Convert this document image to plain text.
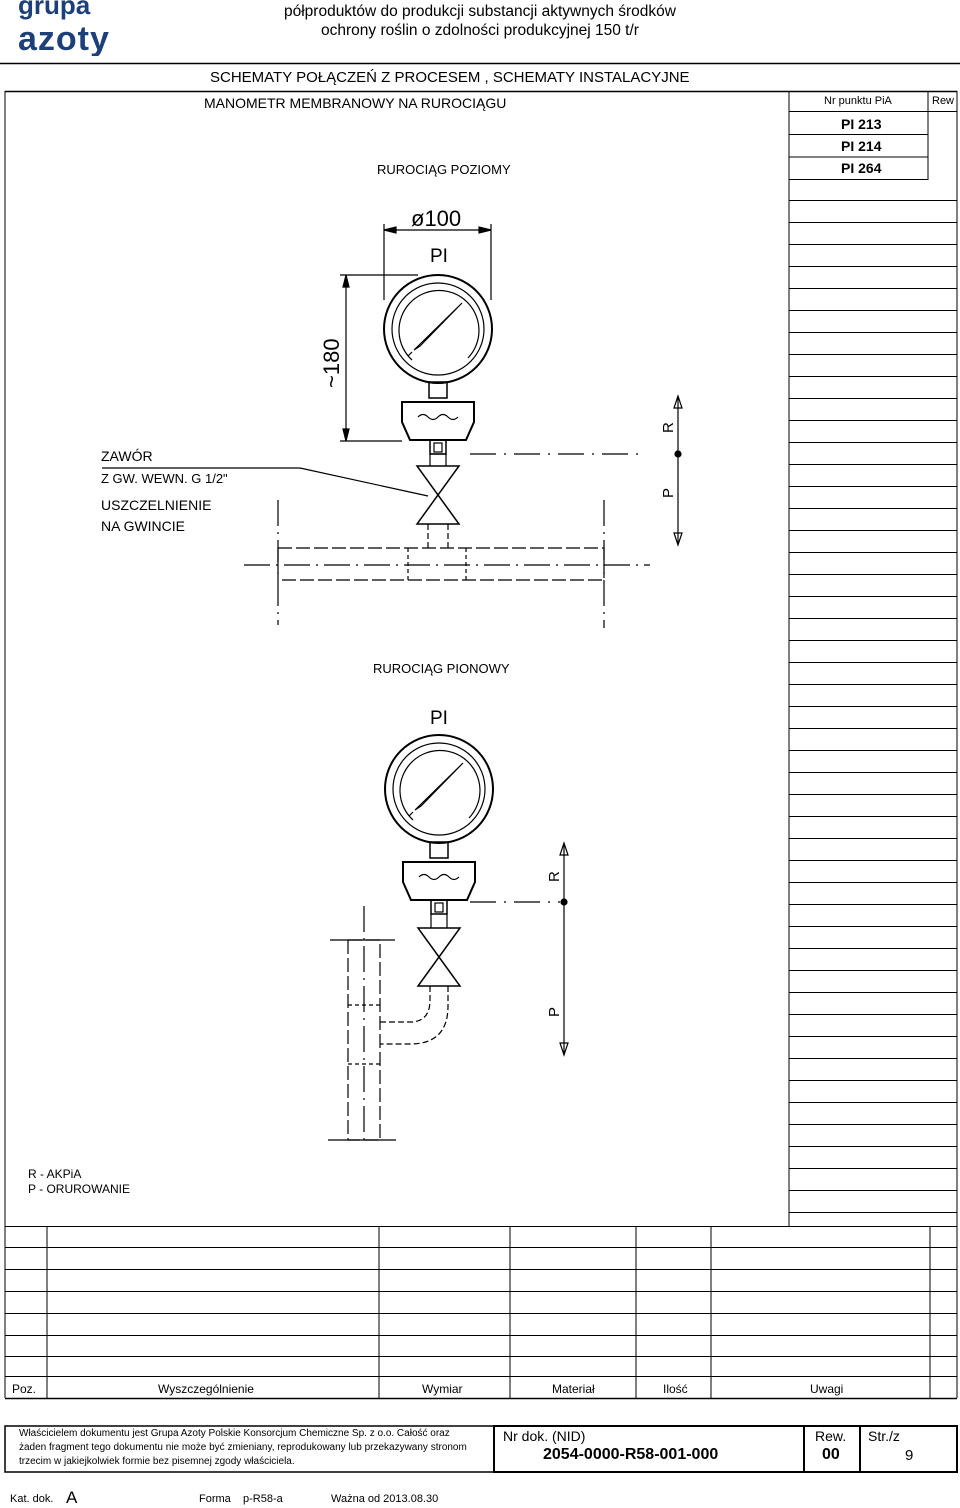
grupa
azoty
półproduktów do produkcji substancji aktywnych środków
ochrony roślin o zdolności produkcyjnej 150 t/r
SCHEMATY POŁĄCZEŃ Z PROCESEM , SCHEMATY INSTALACYJNE
MANOMETR MEMBRANOWY NA RUROCIĄGU	Nr punktu PiA	Rew
PI 213
PI 214
PI 264
RUROCIĄG POZIOMY
RUROCIĄG PIONOWY
ZAWÓR
Z GW. WEWN. G 1/2"
USZCZELNIENIE
NA GWINCIE
R - AKPiA
P - ORUROWANIE
Poz.	Wyszczególnienie	Wymiar	Materiał	Ilość	Uwagi
Właścicielem dokumentu jest Grupa Azoty Polskie Konsorcjum Chemiczne Sp. z o.o. Całość oraz
żaden fragment tego dokumentu nie może być zmieniany, reprodukowany lub przekazywany stronom
trzecim w jakiejkolwiek formie bez pisemnej zgody właściciela.
Nr dok. (NID)
2054-0000-R58-001-000
Rew.
00
Str./z
9
Kat. dok. A	Forma p-R58-a	Ważna od 2013.08.30
ø100
PI
PI
~180
R
P
R
P
